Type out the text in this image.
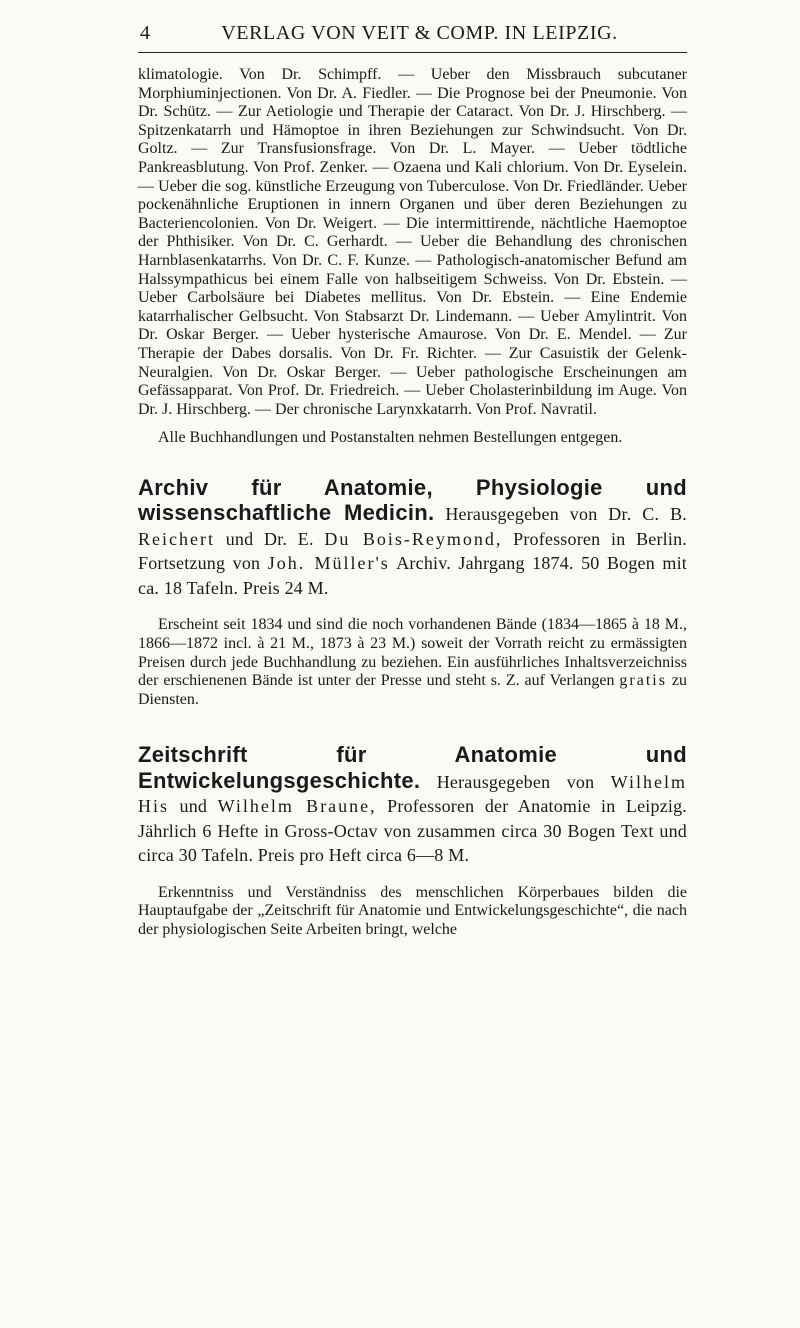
4	VERLAG VON VEIT & COMP. IN LEIPZIG.

klimatologie. Von Dr. Schimpff. — Ueber den Missbrauch subcutaner Morphiuminjectionen. Von Dr. A. Fiedler. — Die Prognose bei der Pneumonie. Von Dr. Schütz. — Zur Aetiologie und Therapie der Cataract. Von Dr. J. Hirschberg. — Spitzenkatarrh und Hämoptoe in ihren Beziehungen zur Schwindsucht. Von Dr. Goltz. — Zur Transfusionsfrage. Von Dr. L. Mayer. — Ueber tödtliche Pankreasblutung. Von Prof. Zenker. — Ozaena und Kali chlorium. Von Dr. Eyselein. — Ueber die sog. künstliche Erzeugung von Tuberculose. Von Dr. Friedländer. Ueber pockenähnliche Eruptionen in innern Organen und über deren Beziehungen zu Bacteriencolonien. Von Dr. Weigert. — Die intermittirende, nächtliche Haemoptoe der Phthisiker. Von Dr. C. Gerhardt. — Ueber die Behandlung des chronischen Harnblasenkatarrhs. Von Dr. C. F. Kunze. — Pathologisch-anatomischer Befund am Halssympathicus bei einem Falle von halbseitigem Schweiss. Von Dr. Ebstein. — Ueber Carbolsäure bei Diabetes mellitus. Von Dr. Ebstein. — Eine Endemie katarrhalischer Gelbsucht. Von Stabsarzt Dr. Lindemann. — Ueber Amylintrit. Von Dr. Oskar Berger. — Ueber hysterische Amaurose. Von Dr. E. Mendel. — Zur Therapie der Dabes dorsalis. Von Dr. Fr. Richter. — Zur Casuistik der Gelenk-Neuralgien. Von Dr. Oskar Berger. — Ueber pathologische Erscheinungen am Gefässapparat. Von Prof. Dr. Friedreich. — Ueber Cholasterinbildung im Auge. Von Dr. J. Hirschberg. — Der chronische Larynxkatarrh. Von Prof. Navratil.

Alle Buchhandlungen und Postanstalten nehmen Bestellungen entgegen.

Archiv für Anatomie, Physiologie und wissenschaftliche Medicin. Herausgegeben von Dr. C. B. Reichert und Dr. E. Du Bois-Reymond, Professoren in Berlin. Fortsetzung von Joh. Müller's Archiv. Jahrgang 1874. 50 Bogen mit ca. 18 Tafeln. Preis 24 M.

Erscheint seit 1834 und sind die noch vorhandenen Bände (1834—1865 à 18 M., 1866—1872 incl. à 21 M., 1873 à 23 M.) soweit der Vorrath reicht zu ermässigten Preisen durch jede Buchhandlung zu beziehen. Ein ausführliches Inhaltsverzeichniss der erschienenen Bände ist unter der Presse und steht s. Z. auf Verlangen gratis zu Diensten.

Zeitschrift für Anatomie und Entwickelungsgeschichte. Herausgegeben von Wilhelm His und Wilhelm Braune, Professoren der Anatomie in Leipzig. Jährlich 6 Hefte in Gross-Octav von zusammen circa 30 Bogen Text und circa 30 Tafeln. Preis pro Heft circa 6—8 M.

Erkenntniss und Verständniss des menschlichen Körperbaues bilden die Hauptaufgabe der „Zeitschrift für Anatomie und Entwickelungsgeschichte“, die nach der physiologischen Seite Arbeiten bringt, welche
